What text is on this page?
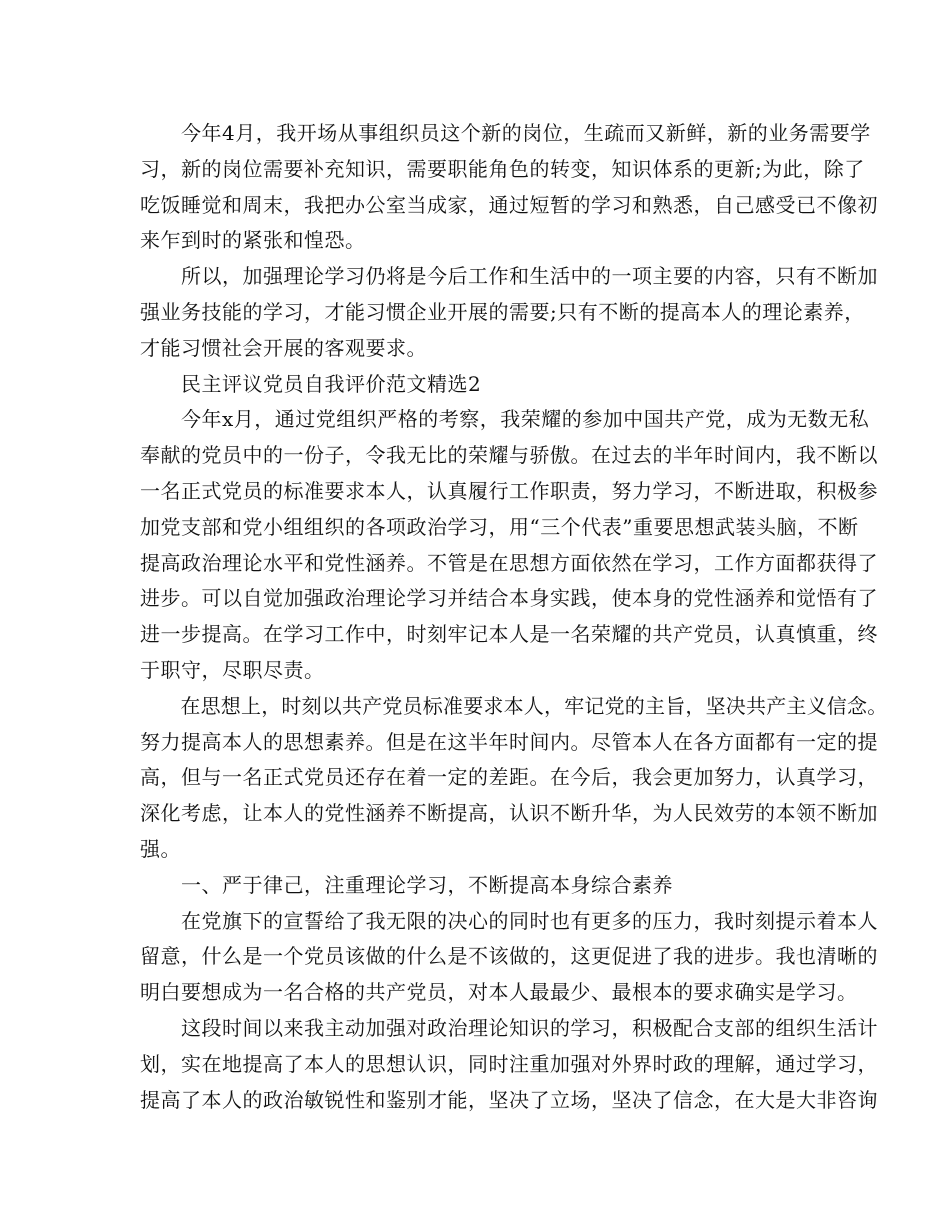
　　今年4月，我开场从事组织员这个新的岗位，生疏而又新鲜，新的业务需要学
习，新的岗位需要补充知识，需要职能角色的转变，知识体系的更新;为此，除了
吃饭睡觉和周末，我把办公室当成家，通过短暂的学习和熟悉，自己感受已不像初
来乍到时的紧张和惶恐。
　　所以，加强理论学习仍将是今后工作和生活中的一项主要的内容，只有不断加
强业务技能的学习，才能习惯企业开展的需要;只有不断的提高本人的理论素养，
才能习惯社会开展的客观要求。
　　民主评议党员自我评价范文精选2
　　今年x月，通过党组织严格的考察，我荣耀的参加中国共产党，成为无数无私
奉献的党员中的一份子，令我无比的荣耀与骄傲。在过去的半年时间内，我不断以
一名正式党员的标准要求本人，认真履行工作职责，努力学习，不断进取，积极参
加党支部和党小组组织的各项政治学习，用“三个代表”重要思想武装头脑，不断
提高政治理论水平和党性涵养。不管是在思想方面依然在学习，工作方面都获得了
进步。可以自觉加强政治理论学习并结合本身实践，使本身的党性涵养和觉悟有了
进一步提高。在学习工作中，时刻牢记本人是一名荣耀的共产党员，认真慎重，终
于职守，尽职尽责。
　　在思想上，时刻以共产党员标准要求本人，牢记党的主旨，坚决共产主义信念。
努力提高本人的思想素养。但是在这半年时间内。尽管本人在各方面都有一定的提
高，但与一名正式党员还存在着一定的差距。在今后，我会更加努力，认真学习，
深化考虑，让本人的党性涵养不断提高，认识不断升华，为人民效劳的本领不断加
强。
　　一、严于律己，注重理论学习，不断提高本身综合素养
　　在党旗下的宣誓给了我无限的决心的同时也有更多的压力，我时刻提示着本人
留意，什么是一个党员该做的什么是不该做的，这更促进了我的进步。我也清晰的
明白要想成为一名合格的共产党员，对本人最最少、最根本的要求确实是学习。
　　这段时间以来我主动加强对政治理论知识的学习，积极配合支部的组织生活计
划，实在地提高了本人的思想认识，同时注重加强对外界时政的理解，通过学习，
提高了本人的政治敏锐性和鉴别才能，坚决了立场，坚决了信念，在大是大非咨询
